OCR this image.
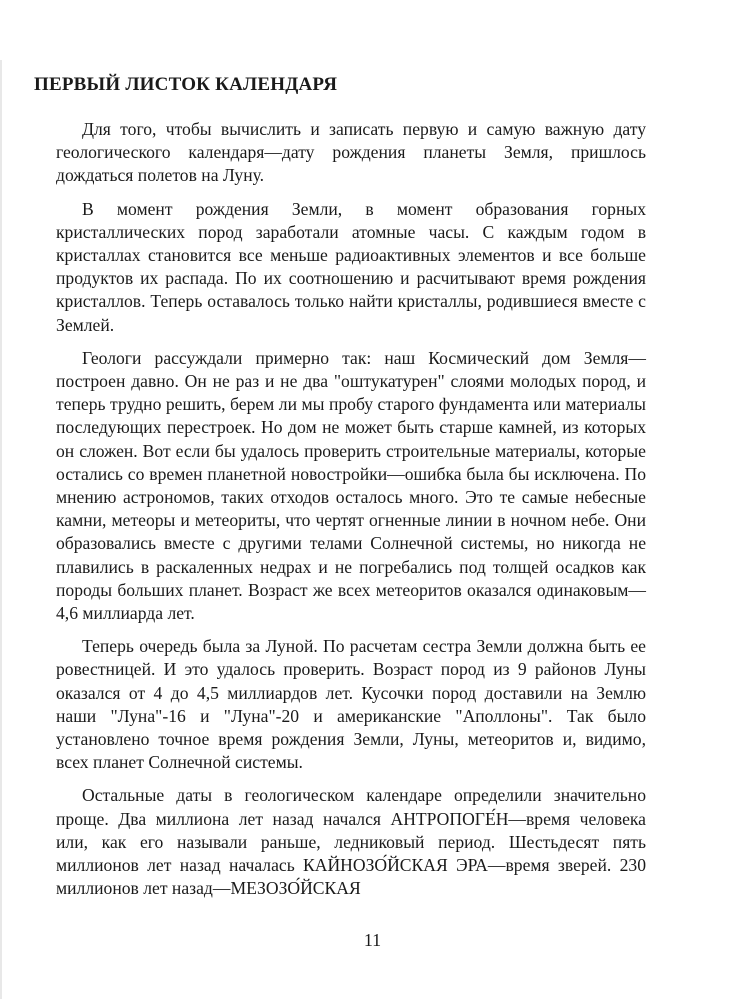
ПЕРВЫЙ ЛИСТОК КАЛЕНДАРЯ

Для того, чтобы вычислить и записать первую и самую важную дату геологического календаря—дату рождения планеты Земля, пришлось дождаться полетов на Луну.

В момент рождения Земли, в момент образования горных кристаллических пород заработали атомные часы. С каждым годом в кристаллах становится все меньше радиоактивных элементов и все больше продуктов их распада. По их соотношению и расчитывают время рождения кристаллов. Теперь оставалось только найти кристаллы, родившиеся вместе с Землей.

Геологи рассуждали примерно так: наш Космический дом Земля—построен давно. Он не раз и не два "оштукатурен" слоями молодых пород, и теперь трудно решить, берем ли мы пробу старого фундамента или материалы последующих перестроек. Но дом не может быть старше камней, из которых он сложен. Вот если бы удалось проверить строительные материалы, которые остались со времен планетной новостройки—ошибка была бы исключена. По мнению астрономов, таких отходов осталось много. Это те самые небесные камни, метеоры и метеориты, что чертят огненные линии в ночном небе. Они образовались вместе с другими телами Солнечной системы, но никогда не плавились в раскаленных недрах и не погребались под толщей осадков как породы больших планет. Возраст же всех метеоритов оказался одинаковым—4,6 миллиарда лет.

Теперь очередь была за Луной. По расчетам сестра Земли должна быть ее ровестницей. И это удалось проверить. Возраст пород из 9 районов Луны оказался от 4 до 4,5 миллиардов лет. Кусочки пород доставили на Землю наши "Луна"-16 и "Луна"-20 и американские "Аполлоны". Так было установлено точное время рождения Земли, Луны, метеоритов и, видимо, всех планет Солнечной системы.

Остальные даты в геологическом календаре определили значительно проще. Два миллиона лет назад начался АНТРОПОГЕ́Н—время человека или, как его называли раньше, ледниковый период. Шестьдесят пять миллионов лет назад началась КАЙНОЗО́ЙСКАЯ ЭРА—время зверей. 230 миллионов лет назад—МЕЗОЗО́ЙСКАЯ

11
